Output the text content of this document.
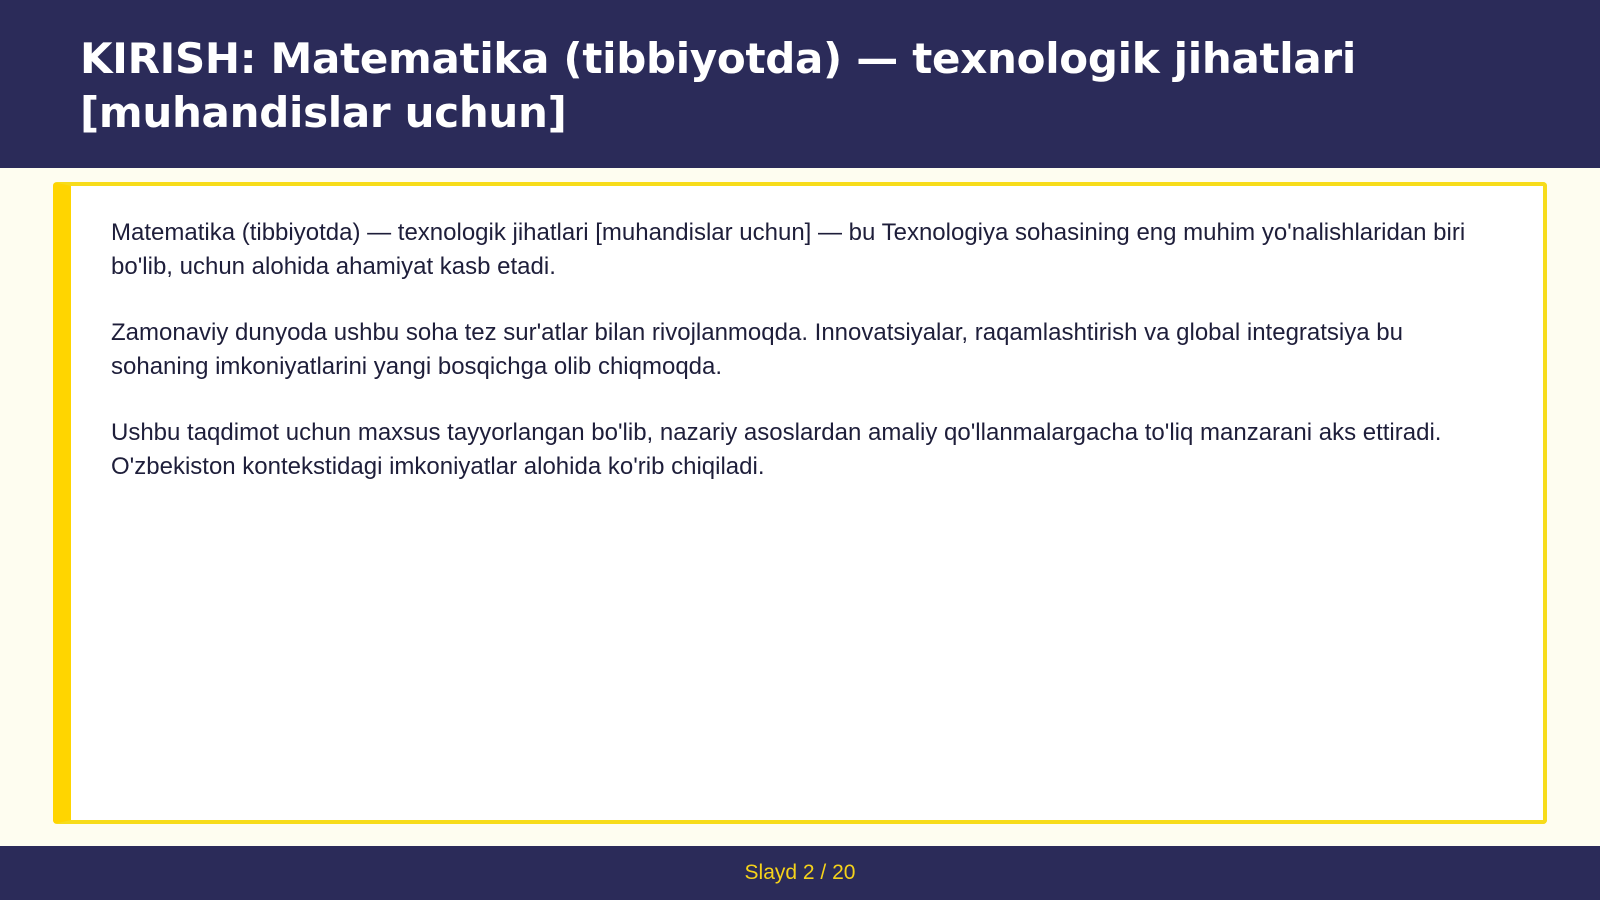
KIRISH: Matematika (tibbiyotda) — texnologik jihatlari [muhandislar uchun]

Matematika (tibbiyotda) — texnologik jihatlari [muhandislar uchun] — bu Texnologiya sohasining eng muhim yo'nalishlaridan biri bo'lib, uchun alohida ahamiyat kasb etadi.

Zamonaviy dunyoda ushbu soha tez sur'atlar bilan rivojlanmoqda. Innovatsiyalar, raqamlashtirish va global integratsiya bu sohaning imkoniyatlarini yangi bosqichga olib chiqmoqda.

Ushbu taqdimot uchun maxsus tayyorlangan bo'lib, nazariy asoslardan amaliy qo'llanmalargacha to'liq manzarani aks ettiradi. O'zbekiston kontekstidagi imkoniyatlar alohida ko'rib chiqiladi.

Slayd 2 / 20
